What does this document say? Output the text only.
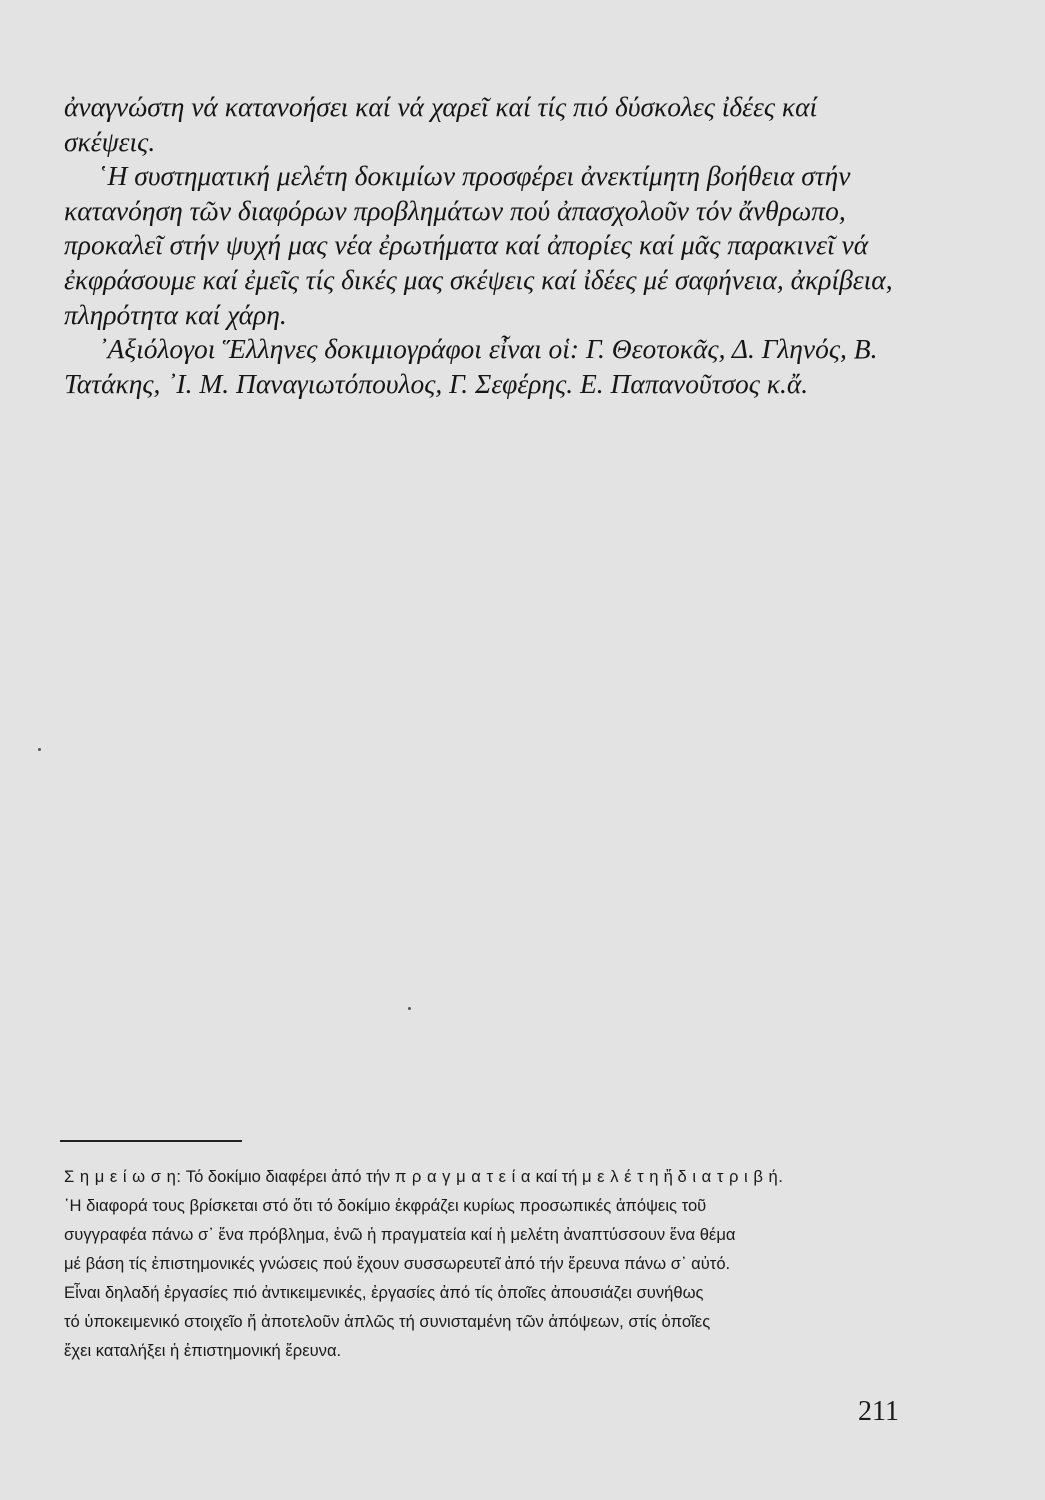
ἀναγνώστη νά κατανοήσει καί νά χαρεῖ καί τίς πιό δύσκολες ἰδέες καί
σκέψεις.
῾Η συστηματική μελέτη δοκιμίων προσφέρει ἀνεκτίμητη βοήθεια στήν
κατανόηση τῶν διαφόρων προβλημάτων πού ἀπασχολοῦν τόν ἄνθρωπο,
προκαλεῖ στήν ψυχή μας νέα ἐρωτήματα καί ἀπορίες καί μᾶς παρακινεῖ νά
ἐκφράσουμε καί ἐμεῖς τίς δικές μας σκέψεις καί ἰδέες μέ σαφήνεια, ἀκρίβεια,
πληρότητα καί χάρη.
᾿Αξιόλογοι Ἕλληνες δοκιμιογράφοι εἶναι οἱ: Γ. Θεοτοκᾶς, Δ. Γληνός, Β.
Τατάκης, ᾿Ι. Μ. Παναγιωτόπουλος, Γ. Σεφέρης. Ε. Παπανοῦτσος κ.ἄ.
Σ η μ ε ί ω σ η: Τό δοκίμιο διαφέρει ἀπό τήν π ρ α γ μ α τ ε ί α καί τή μ ε λ έ τ η ἤ δ ι α τ ρ ι β ή.
῾Η διαφορά τους βρίσκεται στό ὅτι τό δοκίμιο ἐκφράζει κυρίως προσωπικές ἀπόψεις τοῦ
συγγραφέα πάνω σ᾿ ἕνα πρόβλημα, ἐνῶ ἡ πραγματεία καί ἡ μελέτη ἀναπτύσσουν ἕνα θέμα
μέ βάση τίς ἐπιστημονικές γνώσεις πού ἔχουν συσσωρευτεῖ ἀπό τήν ἔρευνα πάνω σ᾿ αὐτό.
Εἶναι δηλαδή ἐργασίες πιό ἀντικειμενικές, ἐργασίες ἀπό τίς ὁποῖες ἀπουσιάζει συνήθως
τό ὑποκειμενικό στοιχεῖο ἤ ἀποτελοῦν ἁπλῶς τή συνισταμένη τῶν ἀπόψεων, στίς ὁποῖες
ἔχει καταλήξει ἡ ἐπιστημονική ἔρευνα.
211
